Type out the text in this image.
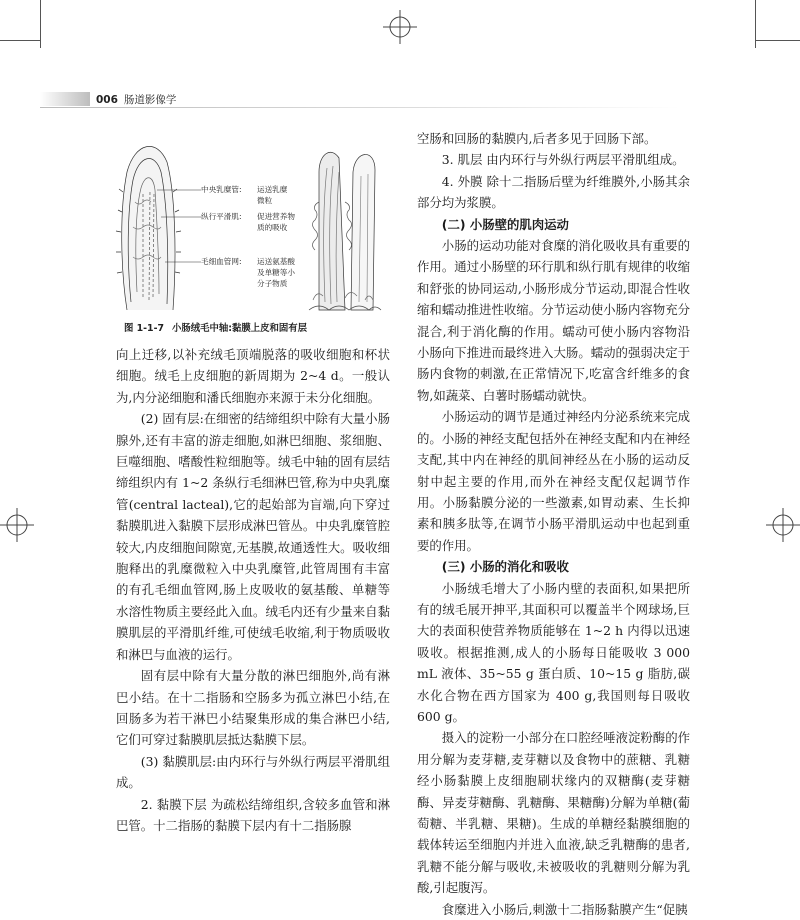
006 肠道影像学
中央乳糜管: 运送乳糜
微粒
纵行平滑肌: 促进营养物
质的吸收
毛细血管网: 运送氨基酸
及单糖等小
分子物质
图 1-1-7 小肠绒毛中轴:黏膜上皮和固有层

向上迁移,以补充绒毛顶端脱落的吸收细胞和杯状细胞。绒毛上皮细胞的新周期为 2~4 d。一般认为,内分泌细胞和潘氏细胞亦来源于未分化细胞。

(2) 固有层:在细密的结缔组织中除有大量小肠腺外,还有丰富的游走细胞,如淋巴细胞、浆细胞、巨噬细胞、嗜酸性粒细胞等。绒毛中轴的固有层结缔组织内有 1~2 条纵行毛细淋巴管,称为中央乳糜管(central lacteal),它的起始部为盲端,向下穿过黏膜肌进入黏膜下层形成淋巴管丛。中央乳糜管腔较大,内皮细胞间隙宽,无基膜,故通透性大。吸收细胞释出的乳糜微粒入中央乳糜管,此管周围有丰富的有孔毛细血管网,肠上皮吸收的氨基酸、单糖等水溶性物质主要经此入血。绒毛内还有少量来自黏膜肌层的平滑肌纤维,可使绒毛收缩,利于物质吸收和淋巴与血液的运行。

固有层中除有大量分散的淋巴细胞外,尚有淋巴小结。在十二指肠和空肠多为孤立淋巴小结,在回肠多为若干淋巴小结聚集形成的集合淋巴小结,它们可穿过黏膜肌层抵达黏膜下层。

(3) 黏膜肌层:由内环行与外纵行两层平滑肌组成。

2. 黏膜下层 为疏松结缔组织,含较多血管和淋巴管。十二指肠的黏膜下层内有十二指肠腺

空肠和回肠的黏膜内,后者多见于回肠下部。

3. 肌层 由内环行与外纵行两层平滑肌组成。

4. 外膜 除十二指肠后壁为纤维膜外,小肠其余部分均为浆膜。

(二) 小肠壁的肌肉运动

小肠的运动功能对食糜的消化吸收具有重要的作用。通过小肠壁的环行肌和纵行肌有规律的收缩和舒张的协同运动,小肠形成分节运动,即混合性收缩和蠕动推进性收缩。分节运动使小肠内容物充分混合,利于消化酶的作用。蠕动可使小肠内容物沿小肠向下推进而最终进入大肠。蠕动的强弱决定于肠内食物的刺激,在正常情况下,吃富含纤维多的食物,如蔬菜、白薯时肠蠕动就快。

小肠运动的调节是通过神经内分泌系统来完成的。小肠的神经支配包括外在神经支配和内在神经支配,其中内在神经的肌间神经丛在小肠的运动反射中起主要的作用,而外在神经支配仅起调节作用。小肠黏膜分泌的一些激素,如胃动素、生长抑素和胰多肽等,在调节小肠平滑肌运动中也起到重要的作用。

(三) 小肠的消化和吸收

小肠绒毛增大了小肠内壁的表面积,如果把所有的绒毛展开抻平,其面积可以覆盖半个网球场,巨大的表面积使营养物质能够在 1~2 h 内得以迅速吸收。根据推测,成人的小肠每日能吸收 3 000 mL 液体、35~55 g 蛋白质、10~15 g 脂肪,碳水化合物在西方国家为 400 g,我国则每日吸收 600 g。

摄入的淀粉一小部分在口腔经唾液淀粉酶的作用分解为麦芽糖,麦芽糖以及食物中的蔗糖、乳糖经小肠黏膜上皮细胞刷状缘内的双糖酶(麦芽糖酶、异麦芽糖酶、乳糖酶、果糖酶)分解为单糖(葡萄糖、半乳糖、果糖)。生成的单糖经黏膜细胞的载体转运至细胞内并进入血液,缺乏乳糖酶的患者,乳糖不能分解与吸收,未被吸收的乳糖则分解为乳酸,引起腹泻。

食糜进入小肠后,刺激十二指肠黏膜产生“促胰
